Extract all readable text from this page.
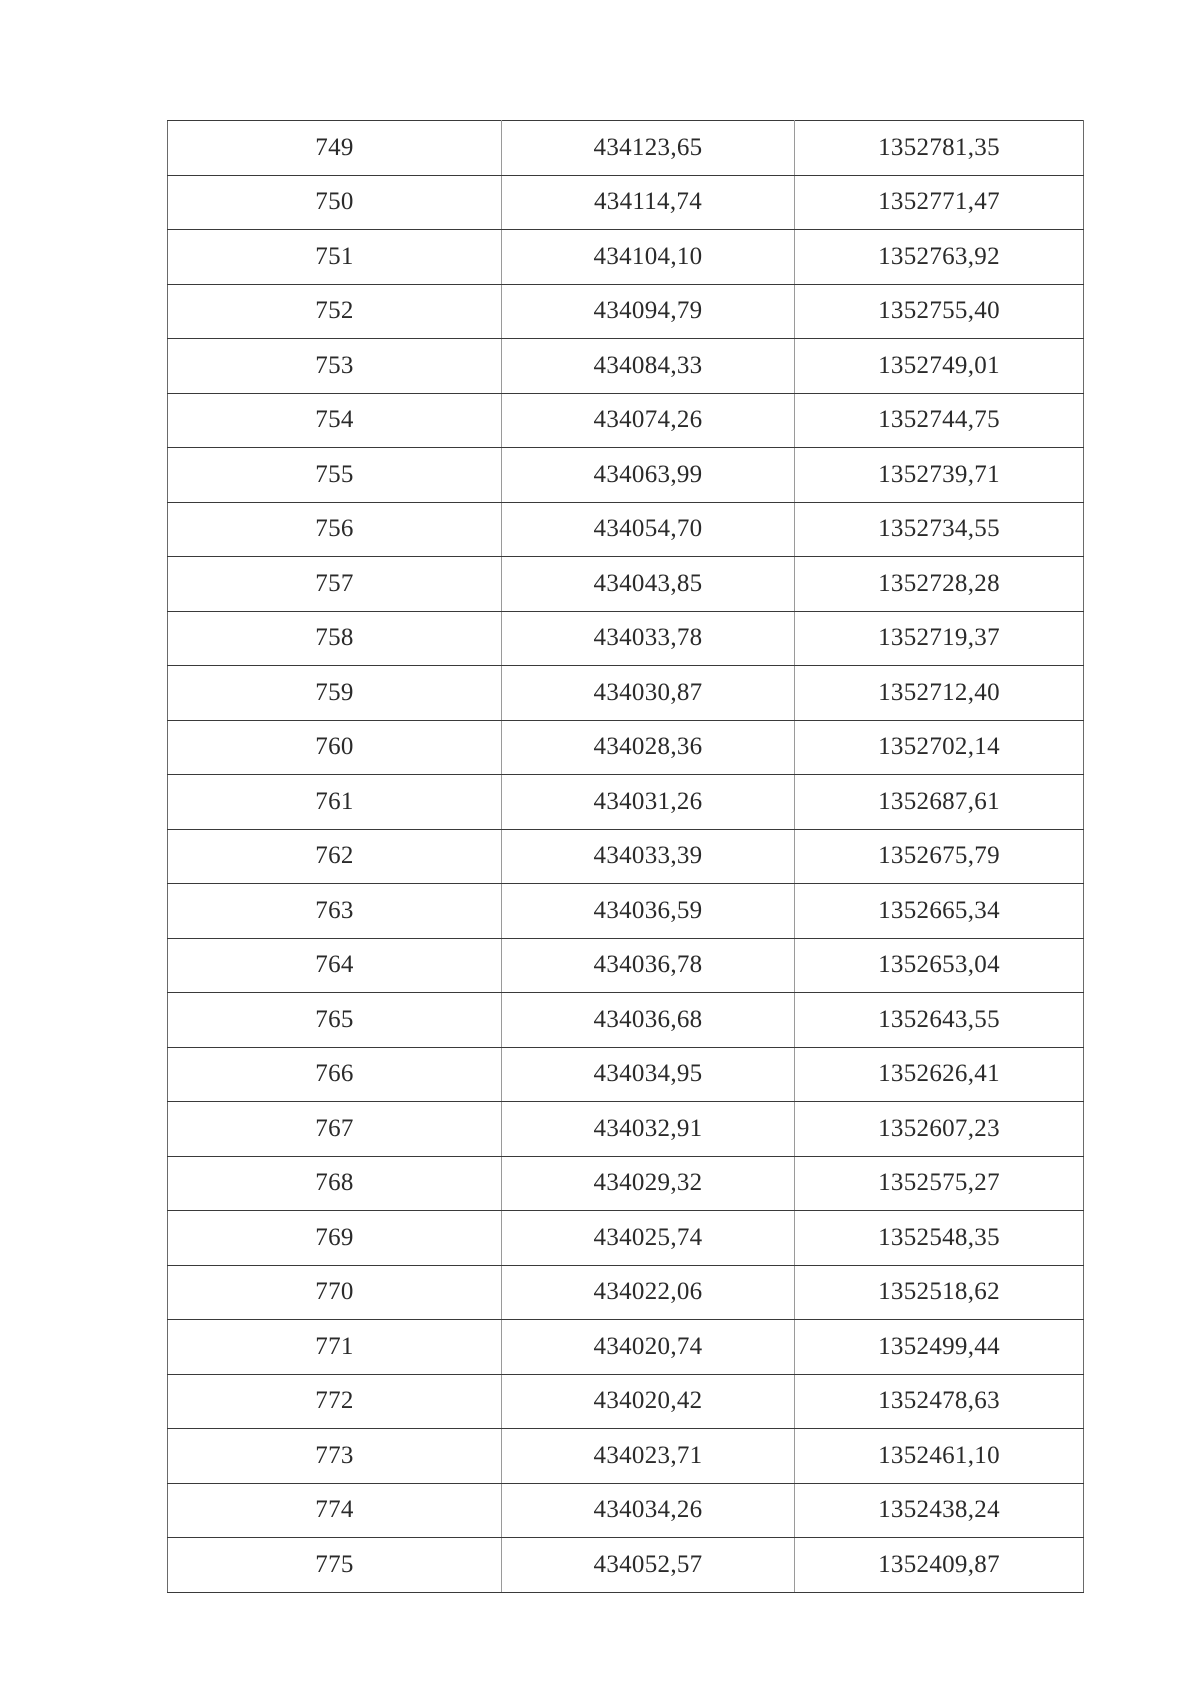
749	434123,65	1352781,35
750	434114,74	1352771,47
751	434104,10	1352763,92
752	434094,79	1352755,40
753	434084,33	1352749,01
754	434074,26	1352744,75
755	434063,99	1352739,71
756	434054,70	1352734,55
757	434043,85	1352728,28
758	434033,78	1352719,37
759	434030,87	1352712,40
760	434028,36	1352702,14
761	434031,26	1352687,61
762	434033,39	1352675,79
763	434036,59	1352665,34
764	434036,78	1352653,04
765	434036,68	1352643,55
766	434034,95	1352626,41
767	434032,91	1352607,23
768	434029,32	1352575,27
769	434025,74	1352548,35
770	434022,06	1352518,62
771	434020,74	1352499,44
772	434020,42	1352478,63
773	434023,71	1352461,10
774	434034,26	1352438,24
775	434052,57	1352409,87
